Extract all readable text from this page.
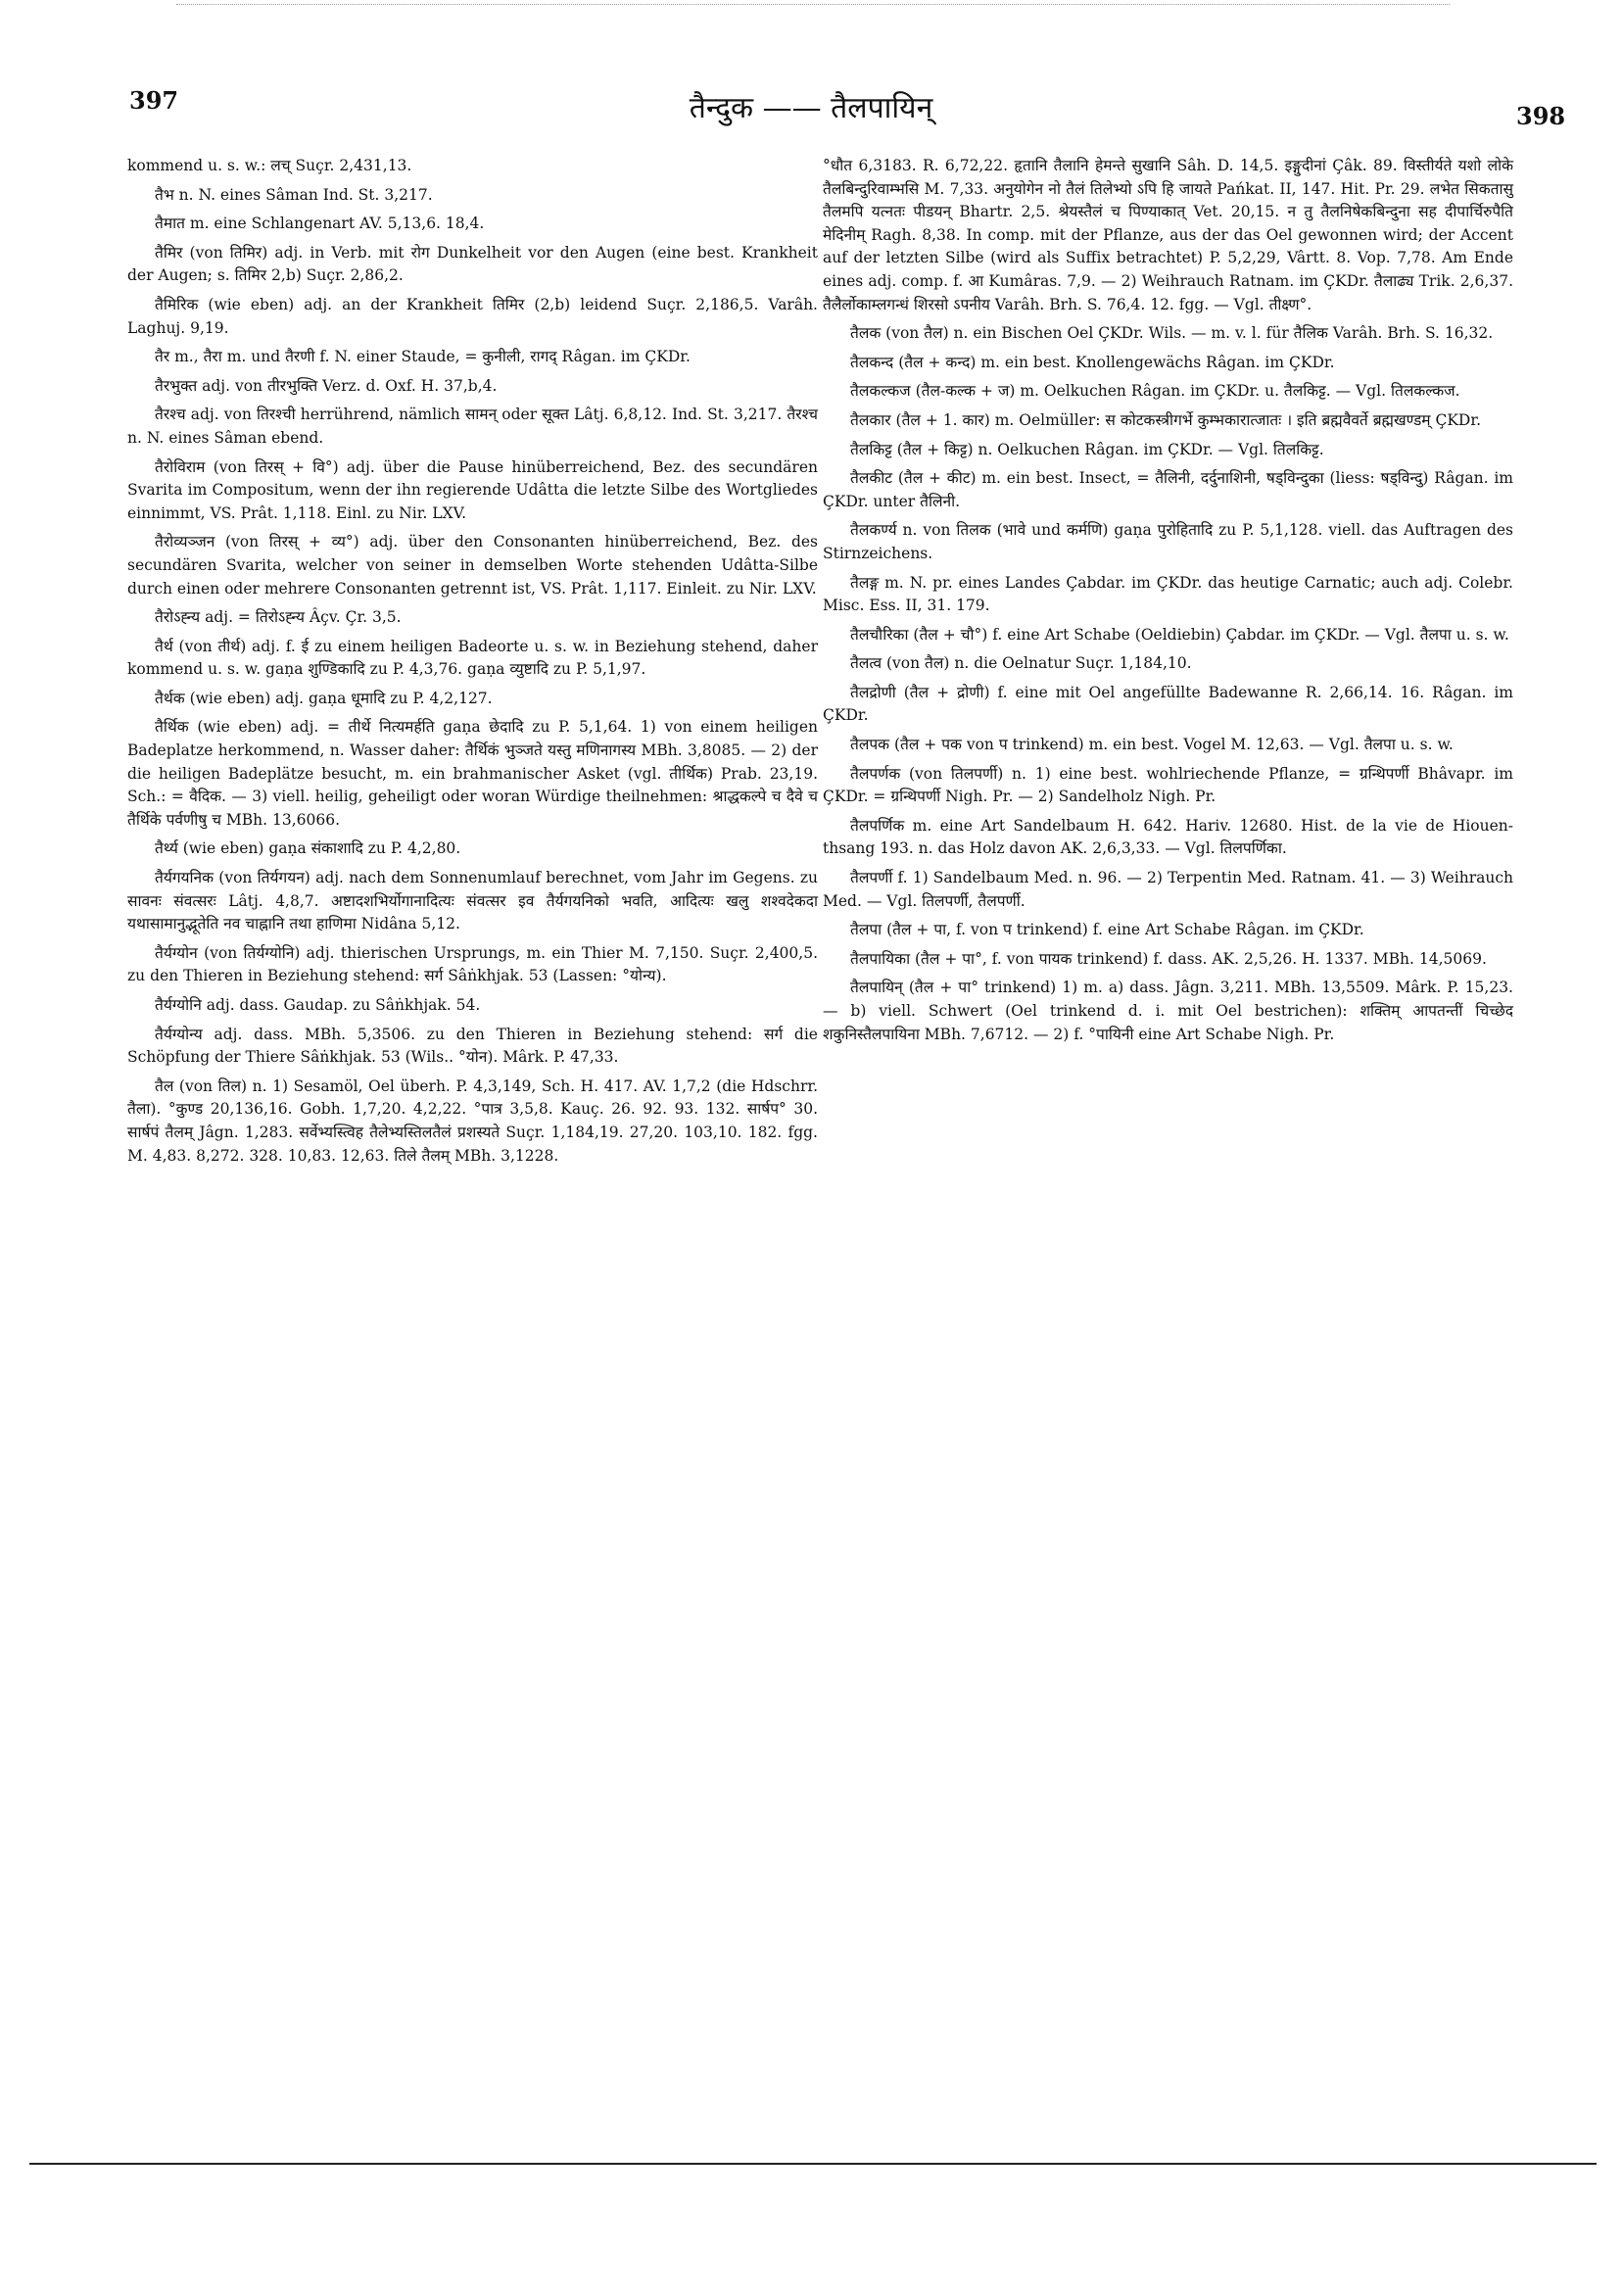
397	तैन्दुक —— तैलपायिन्	398

kommend u. s. w.: लच् Suçr. 2,431,13.

तैभ n. N. eines Sâman Ind. St. 3,217.

तैमात m. eine Schlangenart AV. 5,13,6. 18,4.

तैमिर (von तिमिर) adj. in Verb. mit रोग Dunkelheit vor den Augen (eine best. Krankheit der Augen; s. तिमिर 2,b) Suçr. 2,86,2.

तैमिरिक (wie eben) adj. an der Krankheit तिमिर (2,b) leidend Suçr. 2,186,5. Varâh. Laghuj. 9,19.

तैर m., तैरा m. und तैरणी f. N. einer Staude, = कुनीली, रागद् Râgan. im ÇKDr.

तैरभुक्त adj. von तीरभुक्ति Verz. d. Oxf. H. 37,b,4.

तैरश्च adj. von तिरश्ची herrührend, nämlich सामन् oder सूक्त Lâtj. 6,8,12. Ind. St. 3,217. तैरश्च n. N. eines Sâman ebend.

तैरोविराम (von तिरस् + वि°) adj. über die Pause hinüberreichend, Bez. des secundären Svarita im Compositum, wenn der ihn regierende Udâtta die letzte Silbe des Wortgliedes einnimmt, VS. Prât. 1,118. Einl. zu Nir. LXV.

तैरोव्यञ्जन (von तिरस् + व्य°) adj. über den Consonanten hinüberreichend, Bez. des secundären Svarita, welcher von seiner in demselben Worte stehenden Udâtta-Silbe durch einen oder mehrere Consonanten getrennt ist, VS. Prât. 1,117. Einleit. zu Nir. LXV.

तैरोऽह्न्य adj. = तिरोऽह्न्य Âçv. Çr. 3,5.

तैर्थ (von तीर्थ) adj. f. ई zu einem heiligen Badeorte u. s. w. in Beziehung stehend, daher kommend u. s. w. gaṇa शुण्डिकादि zu P. 4,3,76. gaṇa व्युष्टादि zu P. 5,1,97.

तैर्थक (wie eben) adj. gaṇa धूमादि zu P. 4,2,127.

तैर्थिक (wie eben) adj. = तीर्थे नित्यमर्हति gaṇa छेदादि zu P. 5,1,64. 1) von einem heiligen Badeplatze herkommend, n. Wasser daher: तैर्थिकं भुञ्जते यस्तु मणिनागस्य MBh. 3,8085. — 2) der die heiligen Badeplätze besucht, m. ein brahmanischer Asket (vgl. तीर्थिक) Prab. 23,19. Sch.: = वैदिक. — 3) viell. heilig, geheiligt oder woran Würdige theilnehmen: श्राद्धकल्पे च दैवे च तैर्थिके पर्वणीषु च MBh. 13,6066.

तैर्थ्य (wie eben) gaṇa संकाशादि zu P. 4,2,80.

तैर्यगयनिक (von तिर्यगयन) adj. nach dem Sonnenumlauf berechnet, vom Jahr im Gegens. zu सावनः संवत्सरः Lâtj. 4,8,7. अष्टादशभिर्योगानादित्यः संवत्सर इव तैर्यगयनिको भवति, आदित्यः खलु शश्वदेकदा यथासामानुद्भूतेति नव चाह्नानि तथा हाणिमा Nidâna 5,12.

तैर्यग्योन (von तिर्यग्योनि) adj. thierischen Ursprungs, m. ein Thier M. 7,150. Suçr. 2,400,5. zu den Thieren in Beziehung stehend: सर्ग Sâṅkhjak. 53 (Lassen: °योन्य).

तैर्यग्योनि adj. dass. Gaudap. zu Sâṅkhjak. 54.

तैर्यग्योन्य adj. dass. MBh. 5,3506. zu den Thieren in Beziehung stehend: सर्ग die Schöpfung der Thiere Sâṅkhjak. 53 (Wils.. °योन). Mârk. P. 47,33.

तैल (von तिल) n. 1) Sesamöl, Oel überh. P. 4,3,149, Sch. H. 417. AV. 1,7,2 (die Hdschrr. तैला). °कुण्ड 20,136,16. Gobh. 1,7,20. 4,2,22. °पात्र 3,5,8. Kauç. 26. 92. 93. 132. सार्षप° 30. सार्षपं तैलम् Jâgn. 1,283. सर्वेभ्यस्त्विह तैलेभ्यस्तिलतैलं प्रशस्यते Suçr. 1,184,19. 27,20. 103,10. 182. fgg. M. 4,83. 8,272. 328. 10,83. 12,63. तिले तैलम् MBh. 3,1228.

°धौत 6,3183. R. 6,72,22. हृतानि तैलानि हेमन्ते सुखानि Sâh. D. 14,5. इङ्गुदीनां Çâk. 89. विस्तीर्यते यशो लोके तैलबिन्दुरिवाम्भसि M. 7,33. अनुयोगेन नो तैलं तिलेभ्यो ऽपि हि जायते Pańkat. II, 147. Hit. Pr. 29. लभेत सिकतासु तैलमपि यत्नतः पीडयन् Bhartr. 2,5. श्रेयस्तैलं च पिण्याकात् Vet. 20,15. न तु तैलनिषेकबिन्दुना सह दीपार्चिरुपैति मेदिनीम् Ragh. 8,38. In comp. mit der Pflanze, aus der das Oel gewonnen wird; der Accent auf der letzten Silbe (wird als Suffix betrachtet) P. 5,2,29, Vârtt. 8. Vop. 7,78. Am Ende eines adj. comp. f. आ Kumâras. 7,9. — 2) Weihrauch Ratnam. im ÇKDr. तैलाढ्य Trik. 2,6,37. तैलैर्लोकाम्लगन्धं शिरसो ऽपनीय Varâh. Brh. S. 76,4. 12. fgg. — Vgl. तीक्ष्ण°.

तैलक (von तैल) n. ein Bischen Oel ÇKDr. Wils. — m. v. l. für तैलिक Varâh. Brh. S. 16,32.

तैलकन्द (तैल + कन्द) m. ein best. Knollengewächs Râgan. im ÇKDr.

तैलकल्कज (तैल-कल्क + ज) m. Oelkuchen Râgan. im ÇKDr. u. तैलकिट्ट. — Vgl. तिलकल्कज.

तैलकार (तैल + 1. कार) m. Oelmüller: स कोटकस्त्रीगर्भे कुम्भकारात्जातः । इति ब्रह्मवैवर्ते ब्रह्मखण्डम् ÇKDr.

तैलकिट्ट (तैल + किट्ट) n. Oelkuchen Râgan. im ÇKDr. — Vgl. तिलकिट्ट.

तैलकीट (तैल + कीट) m. ein best. Insect, = तैलिनी, दर्दुनाशिनी, षड्विन्दुका (liess: षड्विन्दु) Râgan. im ÇKDr. unter तैलिनी.

तैलकर्ण्य n. von तिलक (भावे und कर्मणि) gaṇa पुरोहितादि zu P. 5,1,128. viell. das Auftragen des Stirnzeichens.

तैलङ्ग m. N. pr. eines Landes Çabdar. im ÇKDr. das heutige Carnatic; auch adj. Colebr. Misc. Ess. II, 31. 179.

तैलचौरिका (तैल + चौ°) f. eine Art Schabe (Oeldiebin) Çabdar. im ÇKDr. — Vgl. तैलपा u. s. w.

तैलत्व (von तैल) n. die Oelnatur Suçr. 1,184,10.

तैलद्रोणी (तैल + द्रोणी) f. eine mit Oel angefüllte Badewanne R. 2,66,14. 16. Râgan. im ÇKDr.

तैलपक (तैल + पक von प trinkend) m. ein best. Vogel M. 12,63. — Vgl. तैलपा u. s. w.

तैलपर्णक (von तिलपर्णी) n. 1) eine best. wohlriechende Pflanze, = ग्रन्थिपर्णी Bhâvapr. im ÇKDr. = ग्रन्थिपर्णी Nigh. Pr. — 2) Sandelholz Nigh. Pr.

तैलपर्णिक m. eine Art Sandelbaum H. 642. Hariv. 12680. Hist. de la vie de Hiouen-thsang 193. n. das Holz davon AK. 2,6,3,33. — Vgl. तिलपर्णिका.

तैलपर्णी f. 1) Sandelbaum Med. n. 96. — 2) Terpentin Med. Ratnam. 41. — 3) Weihrauch Med. — Vgl. तिलपर्णी, तैलपर्णी.

तैलपा (तैल + पा, f. von प trinkend) f. eine Art Schabe Râgan. im ÇKDr.

तैलपायिका (तैल + पा°, f. von पायक trinkend) f. dass. AK. 2,5,26. H. 1337. MBh. 14,5069.

तैलपायिन् (तैल + पा° trinkend) 1) m. a) dass. Jâgn. 3,211. MBh. 13,5509. Mârk. P. 15,23. — b) viell. Schwert (Oel trinkend d. i. mit Oel bestrichen): शक्तिम् आपतन्तीं चिच्छेद शकुनिस्तैलपायिना MBh. 7,6712. — 2) f. °पायिनी eine Art Schabe Nigh. Pr.
